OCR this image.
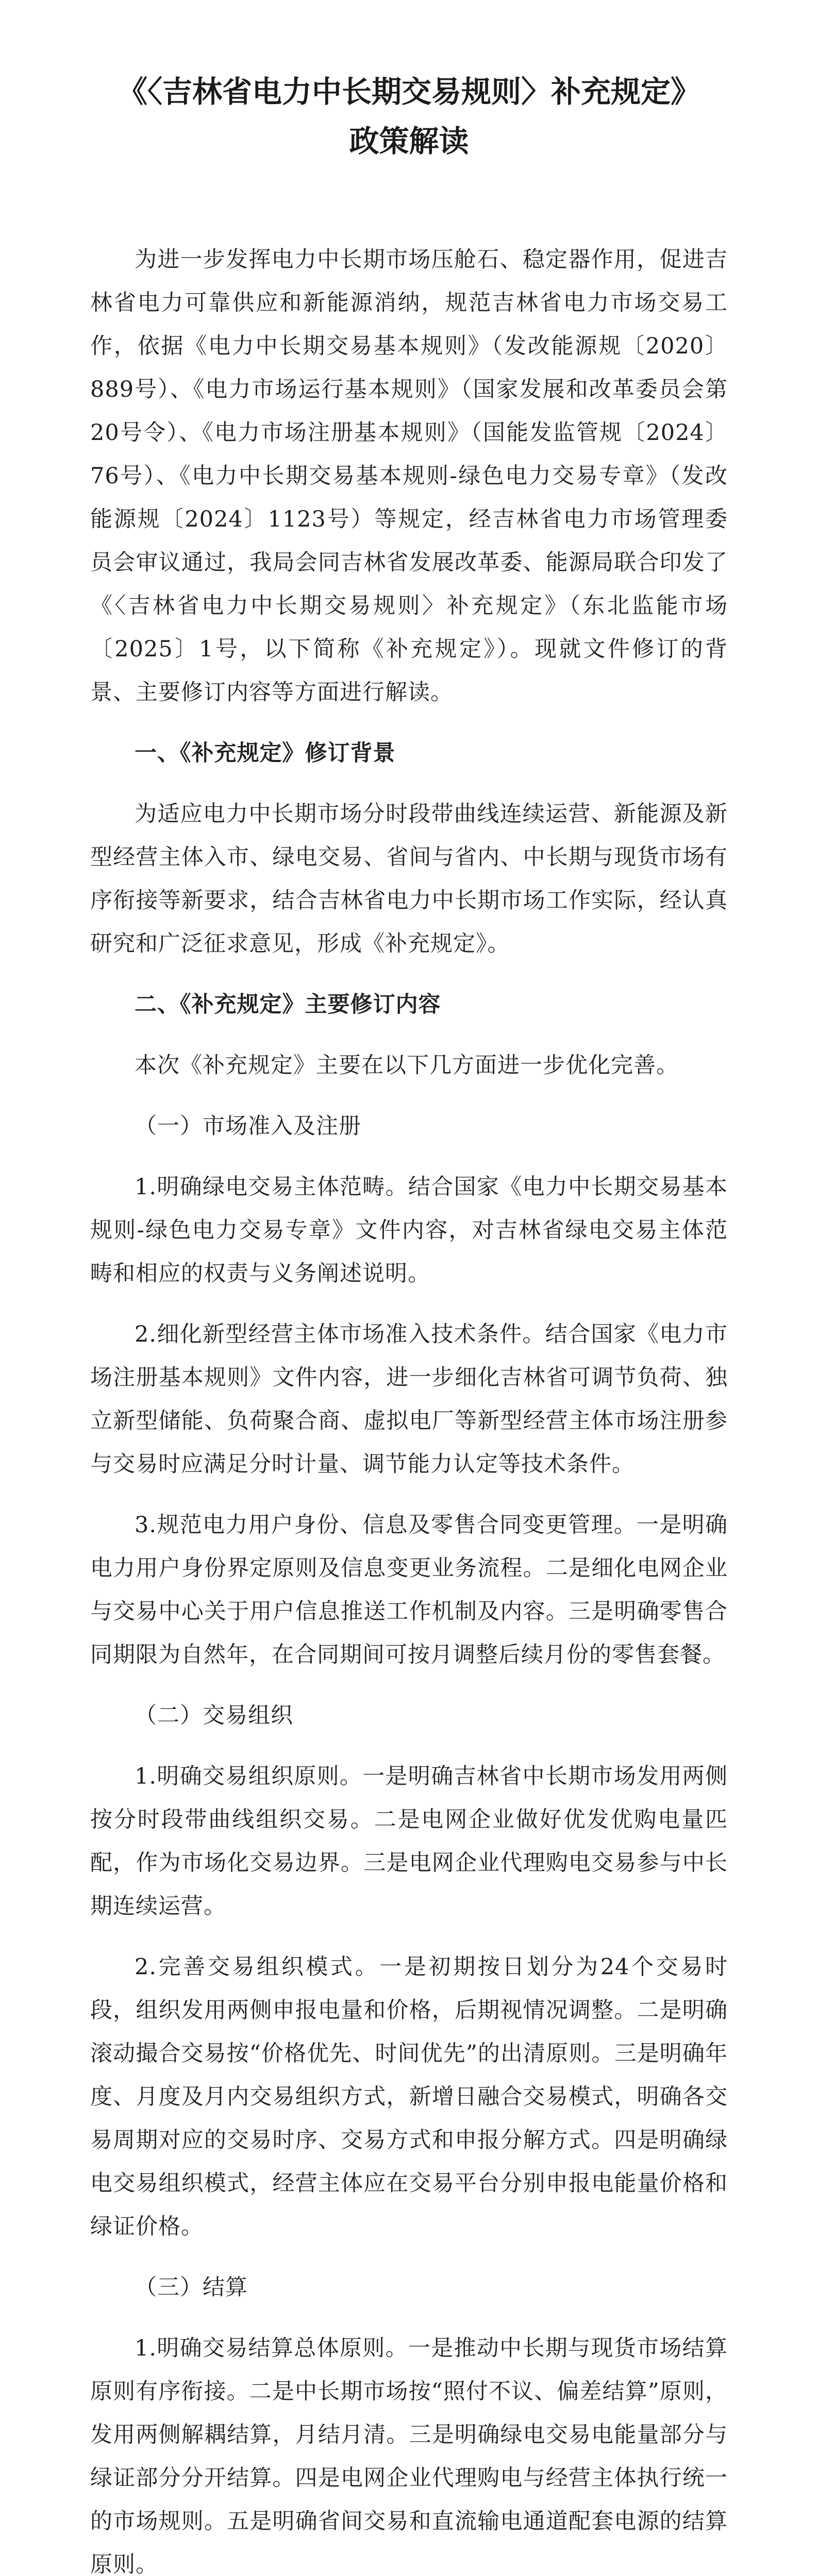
《〈吉林省电力中长期交易规则〉补充规定》
政策解读

为进一步发挥电力中长期市场压舱石、稳定器作用，促进吉林省电力可靠供应和新能源消纳，规范吉林省电力市场交易工作，依据《电力中长期交易基本规则》（发改能源规〔2020〕889号）、《电力市场运行基本规则》（国家发展和改革委员会第20号令）、《电力市场注册基本规则》（国能发监管规〔2024〕76号）、《电力中长期交易基本规则-绿色电力交易专章》（发改能源规〔2024〕1123号）等规定，经吉林省电力市场管理委员会审议通过，我局会同吉林省发展改革委、能源局联合印发了《〈吉林省电力中长期交易规则〉补充规定》（东北监能市场〔2025〕1号，以下简称《补充规定》）。现就文件修订的背景、主要修订内容等方面进行解读。

一、《补充规定》修订背景

为适应电力中长期市场分时段带曲线连续运营、新能源及新型经营主体入市、绿电交易、省间与省内、中长期与现货市场有序衔接等新要求，结合吉林省电力中长期市场工作实际，经认真研究和广泛征求意见，形成《补充规定》。

二、《补充规定》主要修订内容

本次《补充规定》主要在以下几方面进一步优化完善。

（一）市场准入及注册

1.明确绿电交易主体范畴。结合国家《电力中长期交易基本规则-绿色电力交易专章》文件内容，对吉林省绿电交易主体范畴和相应的权责与义务阐述说明。

2.细化新型经营主体市场准入技术条件。结合国家《电力市场注册基本规则》文件内容，进一步细化吉林省可调节负荷、独立新型储能、负荷聚合商、虚拟电厂等新型经营主体市场注册参与交易时应满足分时计量、调节能力认定等技术条件。

3.规范电力用户身份、信息及零售合同变更管理。一是明确电力用户身份界定原则及信息变更业务流程。二是细化电网企业与交易中心关于用户信息推送工作机制及内容。三是明确零售合同期限为自然年，在合同期间可按月调整后续月份的零售套餐。

（二）交易组织

1.明确交易组织原则。一是明确吉林省中长期市场发用两侧按分时段带曲线组织交易。二是电网企业做好优发优购电量匹配，作为市场化交易边界。三是电网企业代理购电交易参与中长期连续运营。

2.完善交易组织模式。一是初期按日划分为24个交易时段，组织发用两侧申报电量和价格，后期视情况调整。二是明确滚动撮合交易按“价格优先、时间优先”的出清原则。三是明确年度、月度及月内交易组织方式，新增日融合交易模式，明确各交易周期对应的交易时序、交易方式和申报分解方式。四是明确绿电交易组织模式，经营主体应在交易平台分别申报电能量价格和绿证价格。

（三）结算

1.明确交易结算总体原则。一是推动中长期与现货市场结算原则有序衔接。二是中长期市场按“照付不议、偏差结算”原则，发用两侧解耦结算，月结月清。三是明确绿电交易电能量部分与绿证部分分开结算。四是电网企业代理购电与经营主体执行统一的市场规则。五是明确省间交易和直流输电通道配套电源的结算原则。
